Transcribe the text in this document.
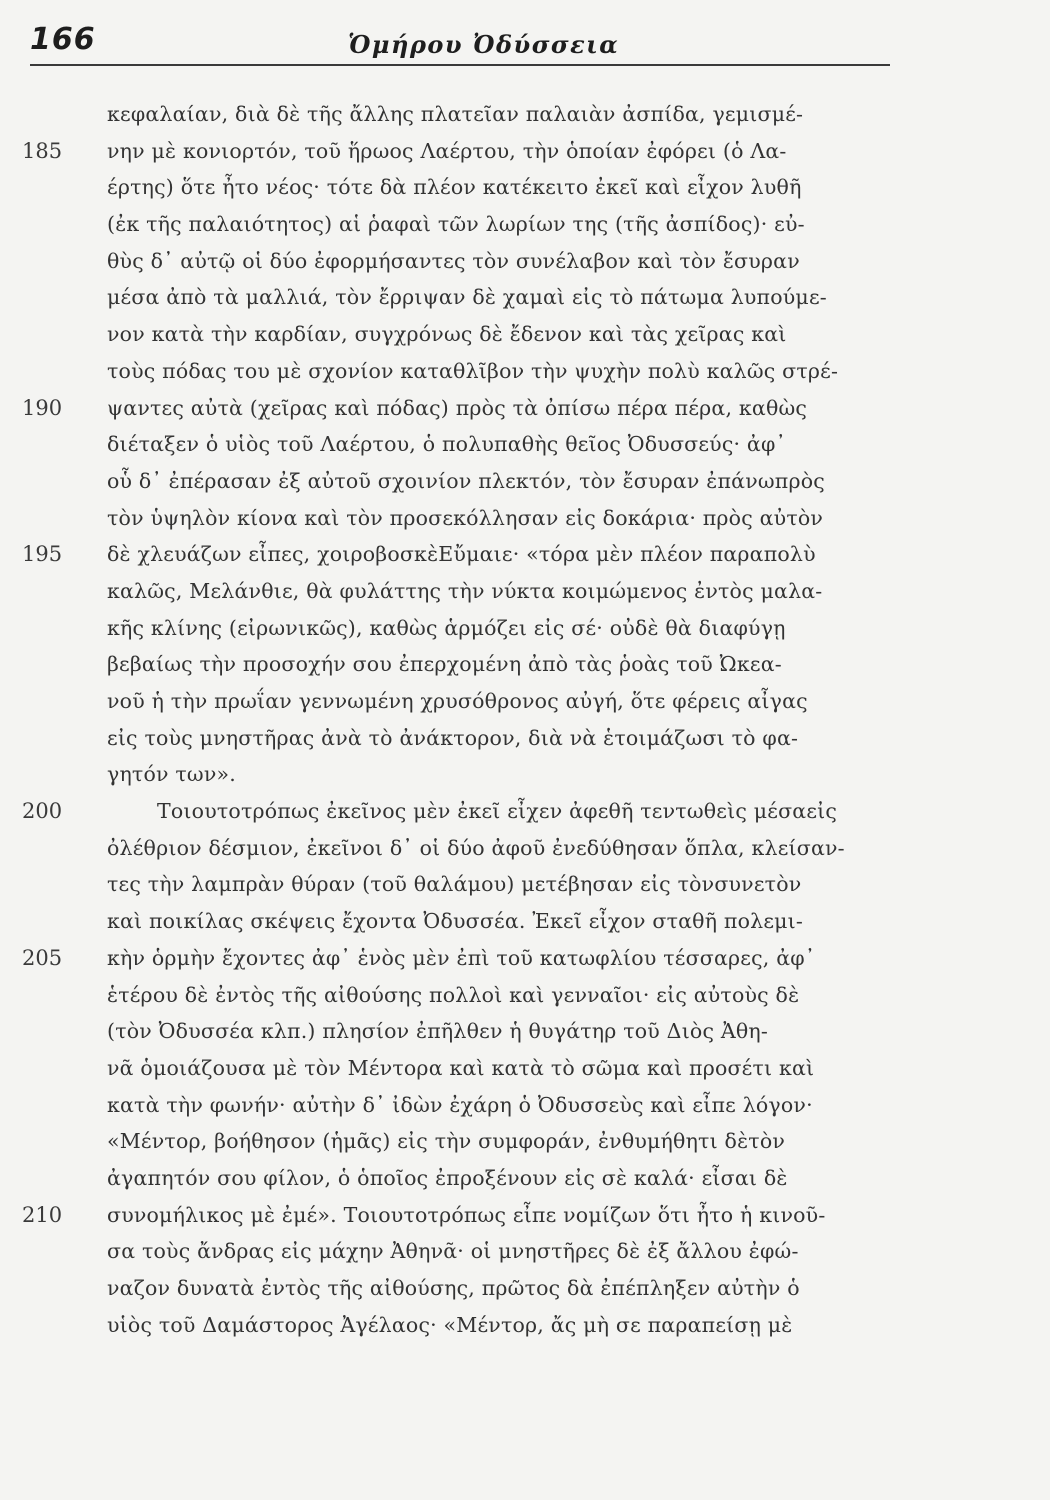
166	Ὁμήρου Ὀδύσσεια
185
190
195
200
205
210
κεφαλαίαν, διὰ δὲ τῆς ἄλλης πλατεῖαν παλαιὰν ἀσπίδα, γεμισμέ-
νην μὲ κονιορτόν, τοῦ ἥρωος Λαέρτου, τὴν ὁποίαν ἐφόρει (ὁ Λα-
έρτης) ὅτε ἦτο νέος· τότε δὰ πλέον κατέκειτο ἐκεῖ καὶ εἶχον λυθῆ
(ἐκ τῆς παλαιότητος) αἱ ῥαφαὶ τῶν λωρίων της (τῆς ἀσπίδος)· εὐ-
θὺς δ᾽ αὐτῷ οἱ δύο ἐφορμήσαντες τὸν συνέλαβον καὶ τὸν ἔσυραν
μέσα ἀπὸ τὰ μαλλιά, τὸν ἔρριψαν δὲ χαμαὶ εἰς τὸ πάτωμα λυπούμε-
νον κατὰ τὴν καρδίαν, συγχρόνως δὲ ἔδενον καὶ τὰς χεῖρας καὶ
τοὺς πόδας του μὲ σχονίον καταθλῖβον τὴν ψυχὴν πολὺ καλῶς στρέ-
ψαντες αὐτὰ (χεῖρας καὶ πόδας) πρὸς τὰ ὀπίσω πέρα πέρα, καθὼς
διέταξεν ὁ υἱὸς τοῦ Λαέρτου, ὁ πολυπαθὴς θεῖος Ὀδυσσεύς· ἀφ᾽
οὗ δ᾽ ἐπέρασαν ἐξ αὐτοῦ σχοινίον πλεκτόν, τὸν ἔσυραν ἐπάνωπρὸς
τὸν ὑψηλὸν κίονα καὶ τὸν προσεκόλλησαν εἰς δοκάρια· πρὸς αὐτὸν
δὲ χλευάζων εἶπες, χοιροβοσκὲΕὔμαιε· «τόρα μὲν πλέον παραπολὺ
καλῶς, Μελάνθιε, θὰ φυλάττης τὴν νύκτα κοιμώμενος ἐντὸς μαλα-
κῆς κλίνης (εἰρωνικῶς), καθὼς ἁρμόζει εἰς σέ· οὐδὲ θὰ διαφύγῃ
βεβαίως τὴν προσοχήν σου ἐπερχομένη ἀπὸ τὰς ῥοὰς τοῦ Ὠκεα-
νοῦ ἡ τὴν πρωΐαν γεννωμένη χρυσόθρονος αὐγή, ὅτε φέρεις αἶγας
εἰς τοὺς μνηστῆρας ἀνὰ τὸ ἀνάκτορον, διὰ νὰ ἑτοιμάζωσι τὸ φα-
γητόν των».
Τοιουτοτρόπως ἐκεῖνος μὲν ἐκεῖ εἶχεν ἀφεθῆ τεντωθεὶς μέσαεἰς
ὀλέθριον δέσμιον, ἐκεῖνοι δ᾽ οἱ δύο ἀφοῦ ἐνεδύθησαν ὅπλα, κλείσαν-
τες τὴν λαμπρὰν θύραν (τοῦ θαλάμου) μετέβησαν εἰς τὸνσυνετὸν
καὶ ποικίλας σκέψεις ἔχοντα Ὀδυσσέα. Ἐκεῖ εἶχον σταθῆ πολεμι-
κὴν ὁρμὴν ἔχοντες ἀφ᾽ ἑνὸς μὲν ἐπὶ τοῦ κατωφλίου τέσσαρες, ἀφ᾽
ἑτέρου δὲ ἐντὸς τῆς αἰθούσης πολλοὶ καὶ γενναῖοι· εἰς αὐτοὺς δὲ
(τὸν Ὀδυσσέα κλπ.) πλησίον ἐπῆλθεν ἡ θυγάτηρ τοῦ Διὸς Ἀθη-
νᾶ ὁμοιάζουσα μὲ τὸν Μέντορα καὶ κατὰ τὸ σῶμα καὶ προσέτι καὶ
κατὰ τὴν φωνήν· αὐτὴν δ᾽ ἰδὼν ἐχάρη ὁ Ὀδυσσεὺς καὶ εἶπε λόγον·
«Μέντορ, βοήθησον (ἡμᾶς) εἰς τὴν συμφοράν, ἐνθυμήθητι δὲτὸν
ἀγαπητόν σου φίλον, ὁ ὁποῖος ἐπροξένουν εἰς σὲ καλά· εἶσαι δὲ
συνομήλικος μὲ ἐμέ». Τοιουτοτρόπως εἶπε νομίζων ὅτι ἦτο ἡ κινοῦ-
σα τοὺς ἄνδρας εἰς μάχην Ἀθηνᾶ· οἱ μνηστῆρες δὲ ἐξ ἄλλου ἐφώ-
ναζον δυνατὰ ἐντὸς τῆς αἰθούσης, πρῶτος δὰ ἐπέπληξεν αὐτὴν ὁ
υἱὸς τοῦ Δαμάστορος Ἀγέλαος· «Μέντορ, ἄς μὴ σε παραπείσῃ μὲ
